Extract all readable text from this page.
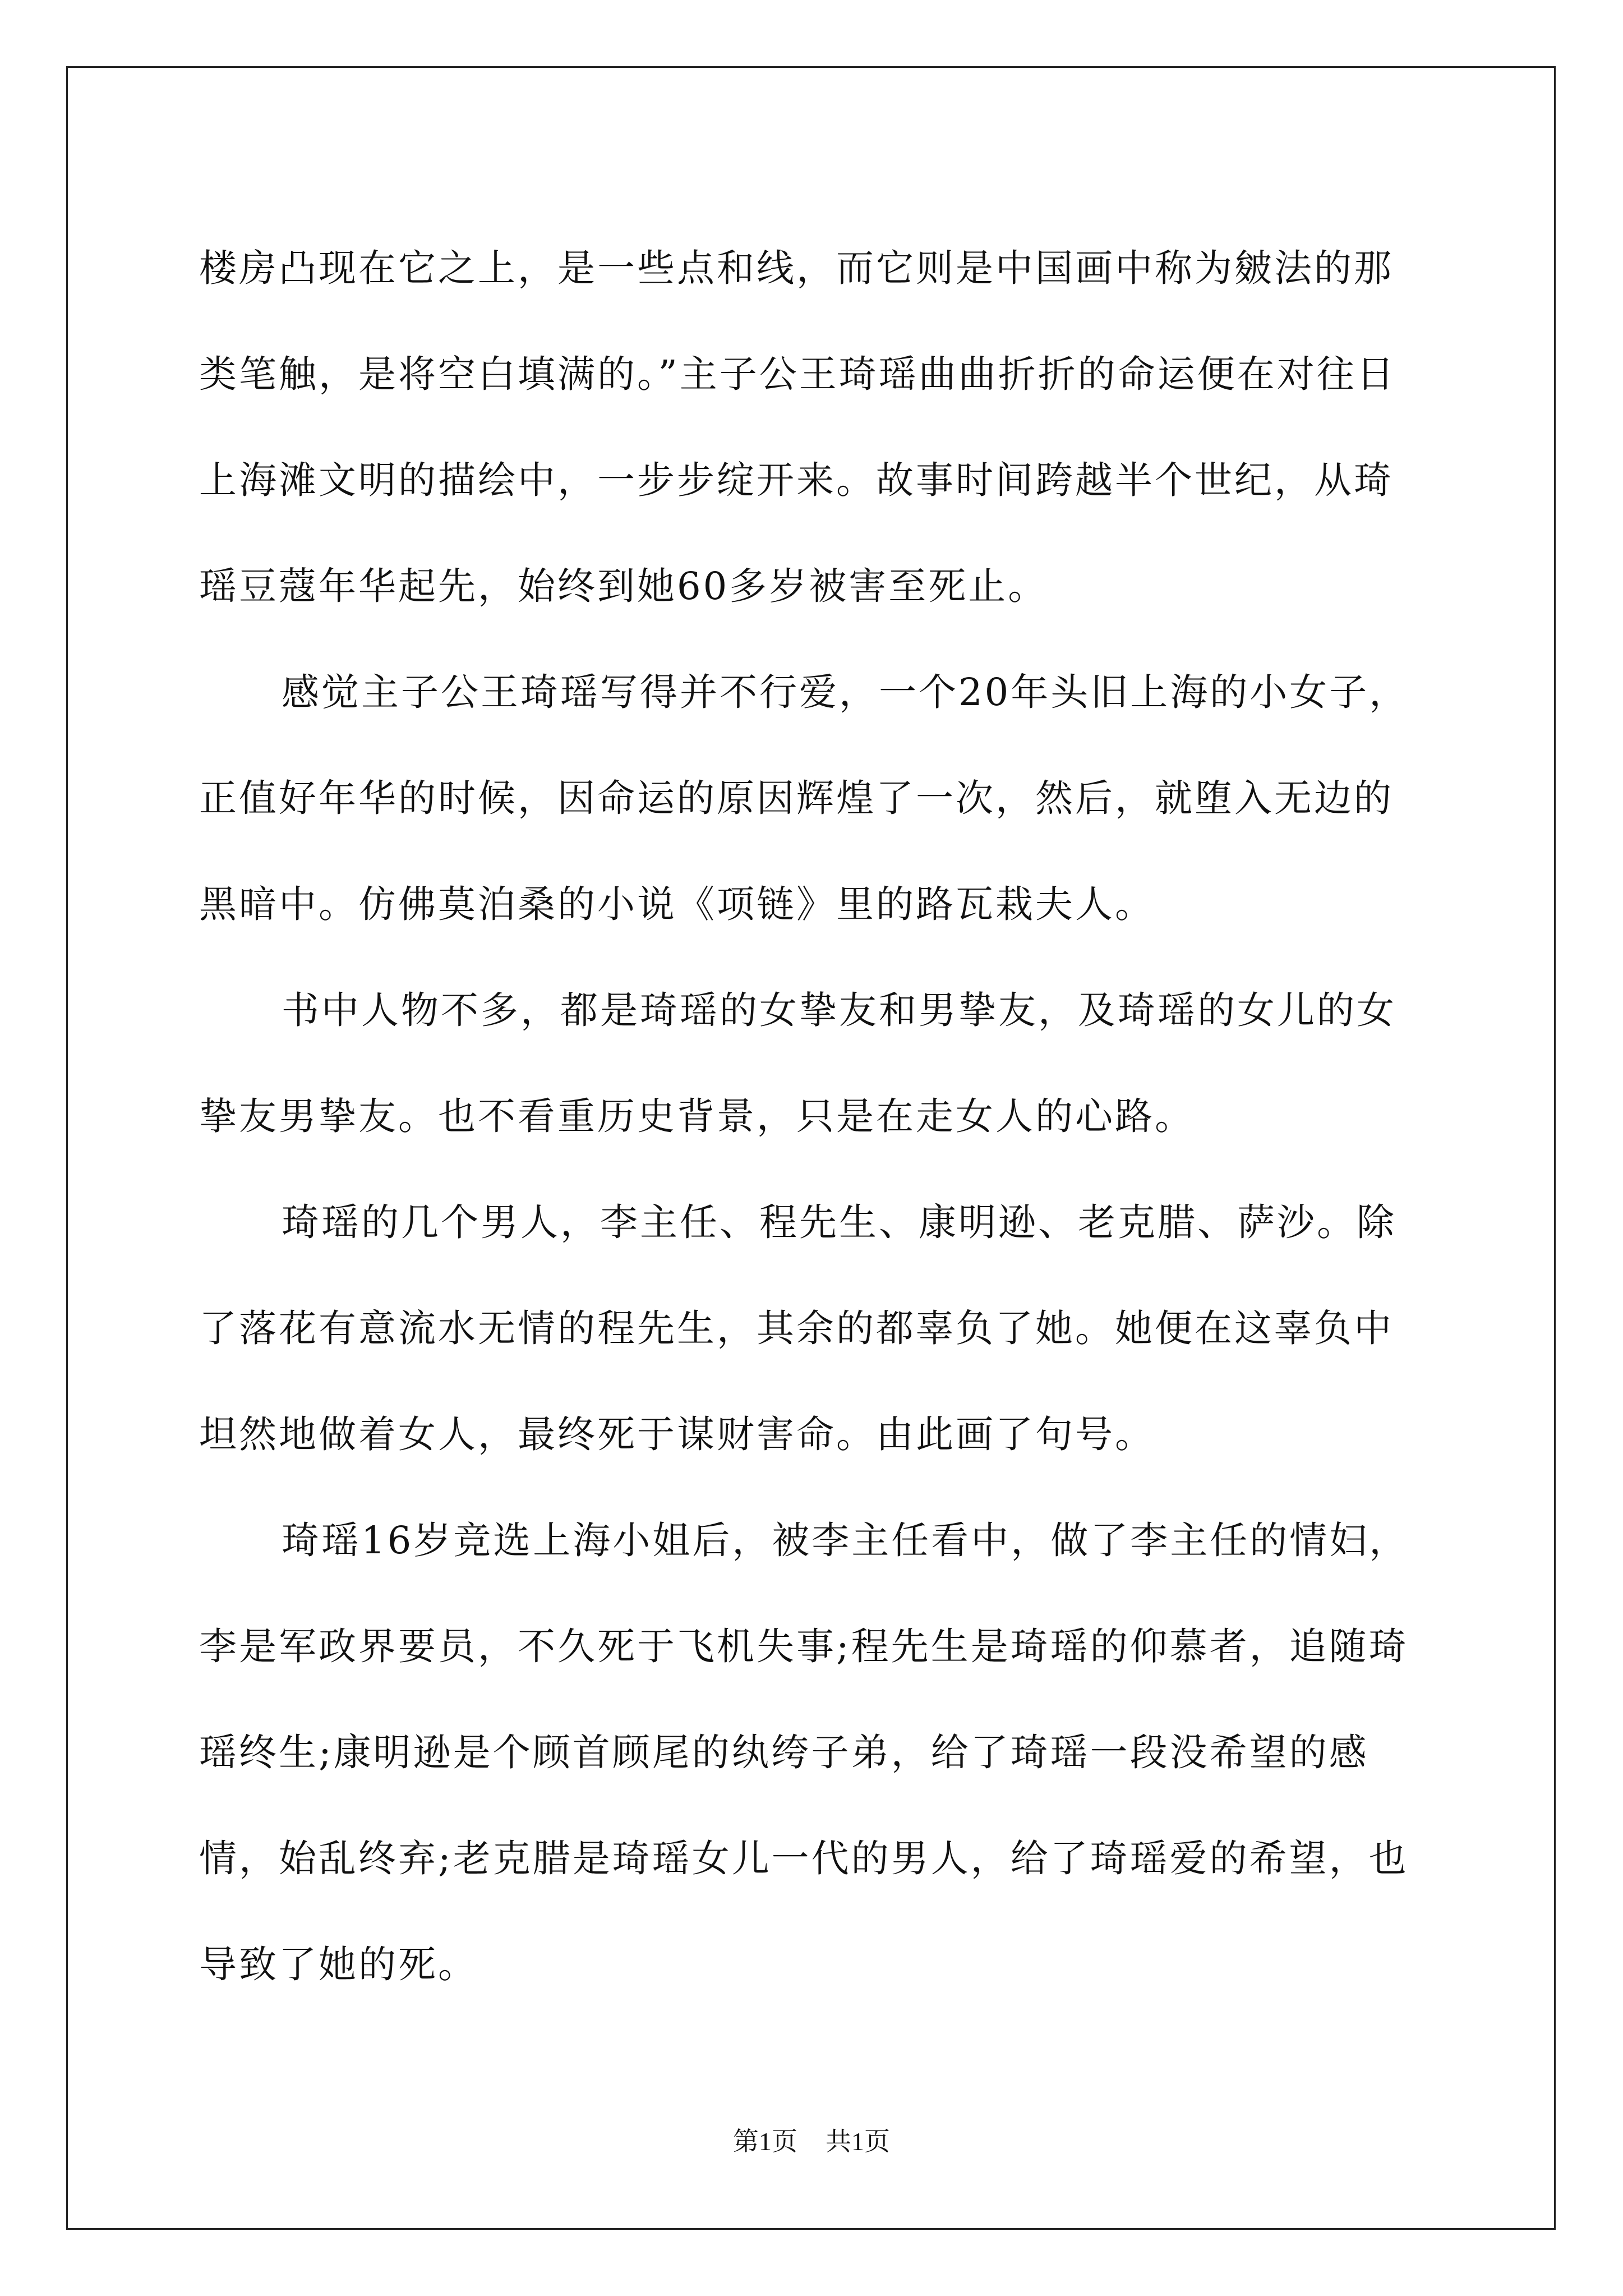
楼房凸现在它之上，是一些点和线，而它则是中国画中称为皴法的那类笔触，是将空白填满的。”主子公王琦瑶曲曲折折的命运便在对往日上海滩文明的描绘中，一步步绽开来。故事时间跨越半个世纪，从琦瑶豆蔻年华起先，始终到她60多岁被害至死止。

感觉主子公王琦瑶写得并不行爱，一个20年头旧上海的小女子，正值好年华的时候，因命运的原因辉煌了一次，然后，就堕入无边的黑暗中。仿佛莫泊桑的小说《项链》里的路瓦栽夫人。

书中人物不多，都是琦瑶的女挚友和男挚友，及琦瑶的女儿的女挚友男挚友。也不看重历史背景，只是在走女人的心路。

琦瑶的几个男人，李主任、程先生、康明逊、老克腊、萨沙。除了落花有意流水无情的程先生，其余的都辜负了她。她便在这辜负中坦然地做着女人，最终死于谋财害命。由此画了句号。

琦瑶16岁竞选上海小姐后，被李主任看中，做了李主任的情妇，李是军政界要员，不久死于飞机失事;程先生是琦瑶的仰慕者，追随琦瑶终生;康明逊是个顾首顾尾的纨绔子弟，给了琦瑶一段没希望的感情，始乱终弃;老克腊是琦瑶女儿一代的男人，给了琦瑶爱的希望，也导致了她的死。

第1页 共1页
